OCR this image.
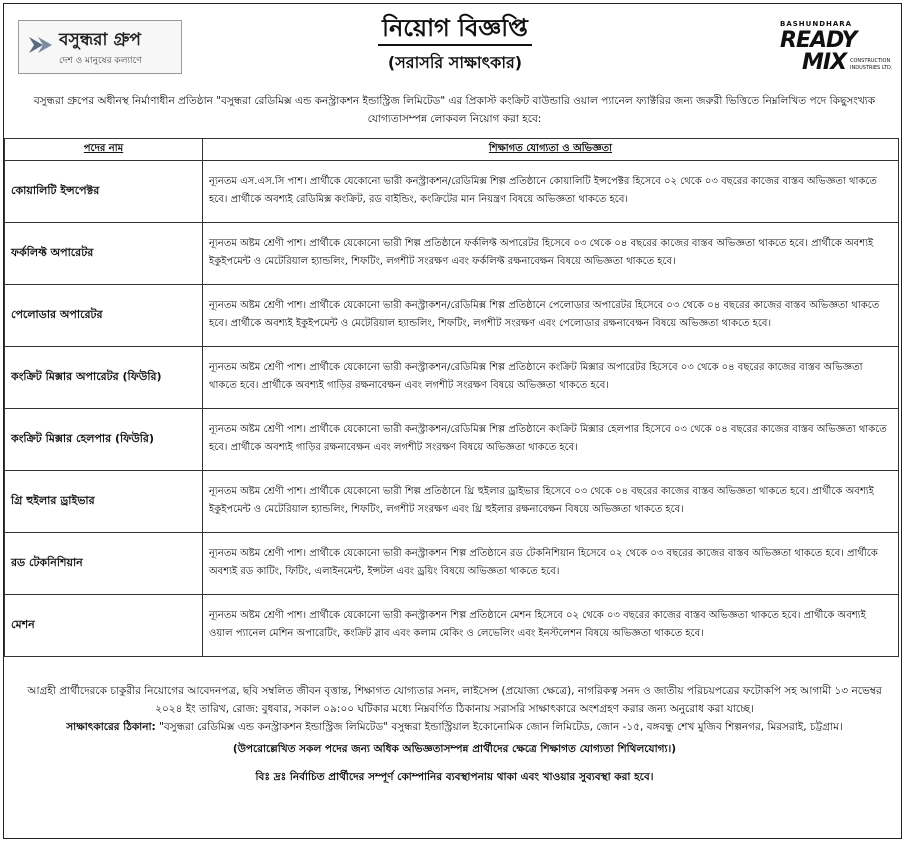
বসুন্ধরা গ্রুপ
দেশ ও মানুষের কল্যাণে
নিয়োগ বিজ্ঞপ্তি
(সরাসরি সাক্ষাৎকার)
BASHUNDHARA
READY
MIX CONSTRUCTION INDUSTRIES LTD.
বসুন্ধরা গ্রুপের অধীনস্থ নির্মাণাধীন প্রতিষ্ঠান "বসুন্ধরা রেডিমিক্স এন্ড কনস্ট্রাকশন ইন্ডাস্ট্রিজ লিমিটেড" এর প্রিকাস্ট কংক্রিট বাউন্ডারি ওয়াল প্যানেল ফ্যাক্টরির জন্য জরুরী ভিত্তিতে নিম্নলিখিত পদে কিছুসংখ্যক যোগ্যতাসম্পন্ন লোকবল নিয়োগ করা হবে:
পদের নাম	শিক্ষাগত যোগ্যতা ও অভিজ্ঞতা
কোয়ালিটি ইন্সপেক্টর	ন্যূনতম এস.এস.সি পাশ। প্রার্থীকে যেকোনো ভারী কনস্ট্রাকশন/রেডিমিক্স শিল্প প্রতিষ্ঠানে কোয়ালিটি ইন্সপেক্টর হিসেবে ০২ থেকে ০৩ বছরের কাজের বাস্তব অভিজ্ঞতা থাকতে হবে। প্রার্থীকে অবশ্যই রেডিমিক্স কংক্রিট, রড বাইন্ডিং, কংক্রিটের মান নিয়ন্ত্রণ বিষয়ে অভিজ্ঞতা থাকতে হবে।
ফর্কলিফ্ট অপারেটর	ন্যূনতম অষ্টম শ্রেণী পাশ। প্রার্থীকে যেকোনো ভারী শিল্প প্রতিষ্ঠানে ফর্কলিফ্ট অপারেটর হিসেবে ০৩ থেকে ০৪ বছরের কাজের বাস্তব অভিজ্ঞতা থাকতে হবে। প্রার্থীকে অবশ্যই ইকুইপমেন্ট ও মেটেরিয়াল হ্যান্ডলিং, শিফটিং, লগশীট সংরক্ষণ এবং ফর্কলিফ্ট রক্ষনাবেক্ষন বিষয়ে অভিজ্ঞতা থাকতে হবে।
পেলোডার অপারেটর	ন্যূনতম অষ্টম শ্রেণী পাশ। প্রার্থীকে যেকোনো ভারী কনস্ট্রাকশন/রেডিমিক্স শিল্প প্রতিষ্ঠানে পেলোডার অপারেটর হিসেবে ০৩ থেকে ০৪ বছরের কাজের বাস্তব অভিজ্ঞতা থাকতে হবে। প্রার্থীকে অবশ্যই ইকুইপমেন্ট ও মেটেরিয়াল হ্যান্ডলিং, শিফটিং, লগশীট সংরক্ষণ এবং পেলোডার রক্ষনাবেক্ষন বিষয়ে অভিজ্ঞতা থাকতে হবে।
কংক্রিট মিক্সার অপারেটর (ফিউরি)	ন্যূনতম অষ্টম শ্রেণী পাশ। প্রার্থীকে যেকোনো ভারী কনস্ট্রাকশন/রেডিমিক্স শিল্প প্রতিষ্ঠানে কংক্রিট মিক্সার অপারেটর হিসেবে ০৩ থেকে ০৪ বছরের কাজের বাস্তব অভিজ্ঞতা থাকতে হবে। প্রার্থীকে অবশ্যই গাড়ির রক্ষনাবেক্ষন এবং লগশীট সংরক্ষণ বিষয়ে অভিজ্ঞতা থাকতে হবে।
কংক্রিট মিক্সার হেলপার (ফিউরি)	ন্যূনতম অষ্টম শ্রেণী পাশ। প্রার্থীকে যেকোনো ভারী কনস্ট্রাকশন/রেডিমিক্স শিল্প প্রতিষ্ঠানে কংক্রিট মিক্সার হেলপার হিসেবে ০৩ থেকে ০৪ বছরের কাজের বাস্তব অভিজ্ঞতা থাকতে হবে। প্রার্থীকে অবশ্যই গাড়ির রক্ষনাবেক্ষন এবং লগশীট সংরক্ষণ বিষয়ে অভিজ্ঞতা থাকতে হবে।
গ্রি হুইলার ড্রাইভার	ন্যূনতম অষ্টম শ্রেণী পাশ। প্রার্থীকে যেকোনো ভারী শিল্প প্রতিষ্ঠানে থ্রি হুইলার ড্রাইভার হিসেবে ০৩ থেকে ০৪ বছরের কাজের বাস্তব অভিজ্ঞতা থাকতে হবে। প্রার্থীকে অবশ্যই ইকুইপমেন্ট ও মেটেরিয়াল হ্যান্ডলিং, শিফটিং, লগশীট সংরক্ষণ এবং থ্রি হুইলার রক্ষনাবেক্ষন বিষয়ে অভিজ্ঞতা থাকতে হবে।
রড টেকনিশিয়ান	ন্যূনতম অষ্টম শ্রেণী পাশ। প্রার্থীকে যেকোনো ভারী কনস্ট্রাকশন শিল্প প্রতিষ্ঠানে রড টেকনিশিয়ান হিসেবে ০২ থেকে ০৩ বছরের কাজের বাস্তব অভিজ্ঞতা থাকতে হবে। প্রার্থীকে অবশ্যই রড কাটিং, ফিটিং, এলাইনমেন্ট, ইন্সটল এবং ড্রয়িং বিষয়ে অভিজ্ঞতা থাকতে হবে।
মেশন	ন্যূনতম অষ্টম শ্রেণী পাশ। প্রার্থীকে যেকোনো ভারী কনস্ট্রাকশন শিল্প প্রতিষ্ঠানে মেশন হিসেবে ০২ থেকে ০৩ বছরের কাজের বাস্তব অভিজ্ঞতা থাকতে হবে। প্রার্থীকে অবশ্যই ওয়াল প্যানেল মেশিন অপারেটিং, কংক্রিট স্লাব এবং কলাম মেকিং ও লেভেলিং এবং ইনস্টলেশন বিষয়ে অভিজ্ঞতা থাকতে হবে।
আগ্রহী প্রার্থীদেরকে চাকুরীর নিয়োগের আবেদনপত্র, ছবি সম্বলিত জীবন বৃত্তান্ত, শিক্ষাগত যোগ্যতার সনদ, লাইসেন্স (প্রযোজ্য ক্ষেত্রে), নাগরিকত্ব সনদ ও জাতীয় পরিচয়পত্রের ফটোকপি সহ আগামী ১৩ নভেম্বর ২০২৪ ইং তারিখ, রোজ: বুধবার, সকাল ০৯:০০ ঘটিকার মধ্যে নিম্নবর্ণিত ঠিকানায় সরাসরি সাক্ষাৎকারে অংশগ্রহণ করার জন্য অনুরোধ করা যাচ্ছে।
সাক্ষাৎকারের ঠিকানা: "বসুন্ধরা রেডিমিক্স এন্ড কনস্ট্রাকশন ইন্ডাস্ট্রিজ লিমিটেড" বসুন্ধরা ইন্ডাস্ট্রিয়াল ইকোনোমিক জোন লিমিটেড, জোন -১৫, বঙ্গবন্ধু শেখ মুজিব শিল্পনগর, মিরসরাই, চট্টগ্রাম।
(উপরোল্লেখিত সকল পদের জন্য অধিক অভিজ্ঞতাসম্পন্ন প্রার্থীদের ক্ষেত্রে শিক্ষাগত যোগ্যতা শিথিলযোগ্য।)
বিঃ দ্রঃ নির্বাচিত প্রার্থীদের সম্পূর্ণ কোম্পানির ব্যবস্থাপনায় থাকা এবং খাওয়ার সুব্যবস্থা করা হবে।
